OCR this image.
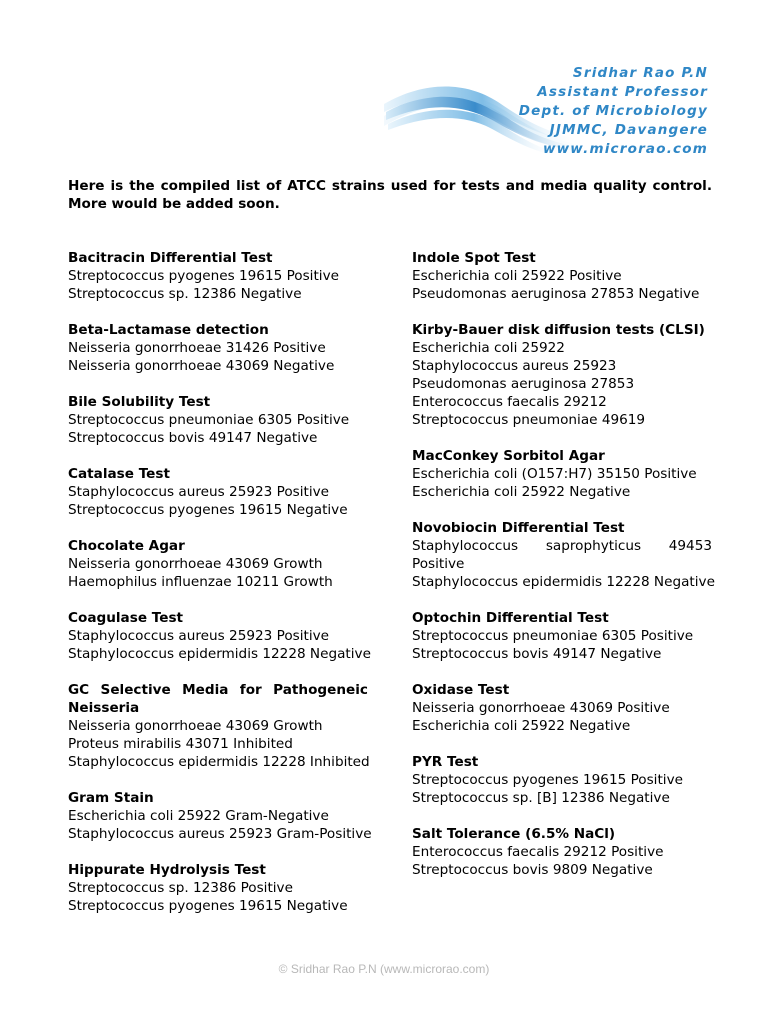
Sridhar Rao P.N
Assistant Professor
Dept. of Microbiology
JJMMC, Davangere
www.microrao.com
Here is the compiled list of ATCC strains used for tests and media quality control. More would be added soon.
Bacitracin Differential Test
Streptococcus pyogenes 19615 Positive
Streptococcus sp. 12386 Negative
Beta-Lactamase detection
Neisseria gonorrhoeae 31426 Positive
Neisseria gonorrhoeae 43069 Negative
Bile Solubility Test
Streptococcus pneumoniae 6305 Positive
Streptococcus bovis 49147 Negative
Catalase Test
Staphylococcus aureus 25923 Positive
Streptococcus pyogenes 19615 Negative
Chocolate Agar
Neisseria gonorrhoeae 43069 Growth
Haemophilus influenzae 10211 Growth
Coagulase Test
Staphylococcus aureus 25923 Positive
Staphylococcus epidermidis 12228 Negative
GC Selective Media for Pathogeneic Neisseria
Neisseria gonorrhoeae 43069 Growth
Proteus mirabilis 43071 Inhibited
Staphylococcus epidermidis 12228 Inhibited
Gram Stain
Escherichia coli 25922 Gram-Negative
Staphylococcus aureus 25923 Gram-Positive
Hippurate Hydrolysis Test
Streptococcus sp. 12386 Positive
Streptococcus pyogenes 19615 Negative
Indole Spot Test
Escherichia coli 25922 Positive
Pseudomonas aeruginosa 27853 Negative
Kirby-Bauer disk diffusion tests (CLSI)
Escherichia coli 25922
Staphylococcus aureus 25923
Pseudomonas aeruginosa 27853
Enterococcus faecalis 29212
Streptococcus pneumoniae 49619
MacConkey Sorbitol Agar
Escherichia coli (O157:H7) 35150 Positive
Escherichia coli 25922 Negative
Novobiocin Differential Test
Staphylococcus saprophyticus 49453 Positive
Staphylococcus epidermidis 12228 Negative
Optochin Differential Test
Streptococcus pneumoniae 6305 Positive
Streptococcus bovis 49147 Negative
Oxidase Test
Neisseria gonorrhoeae 43069 Positive
Escherichia coli 25922 Negative
PYR Test
Streptococcus pyogenes 19615 Positive
Streptococcus sp. [B] 12386 Negative
Salt Tolerance (6.5% NaCl)
Enterococcus faecalis 29212 Positive
Streptococcus bovis 9809 Negative
© Sridhar Rao P.N (www.microrao.com)
